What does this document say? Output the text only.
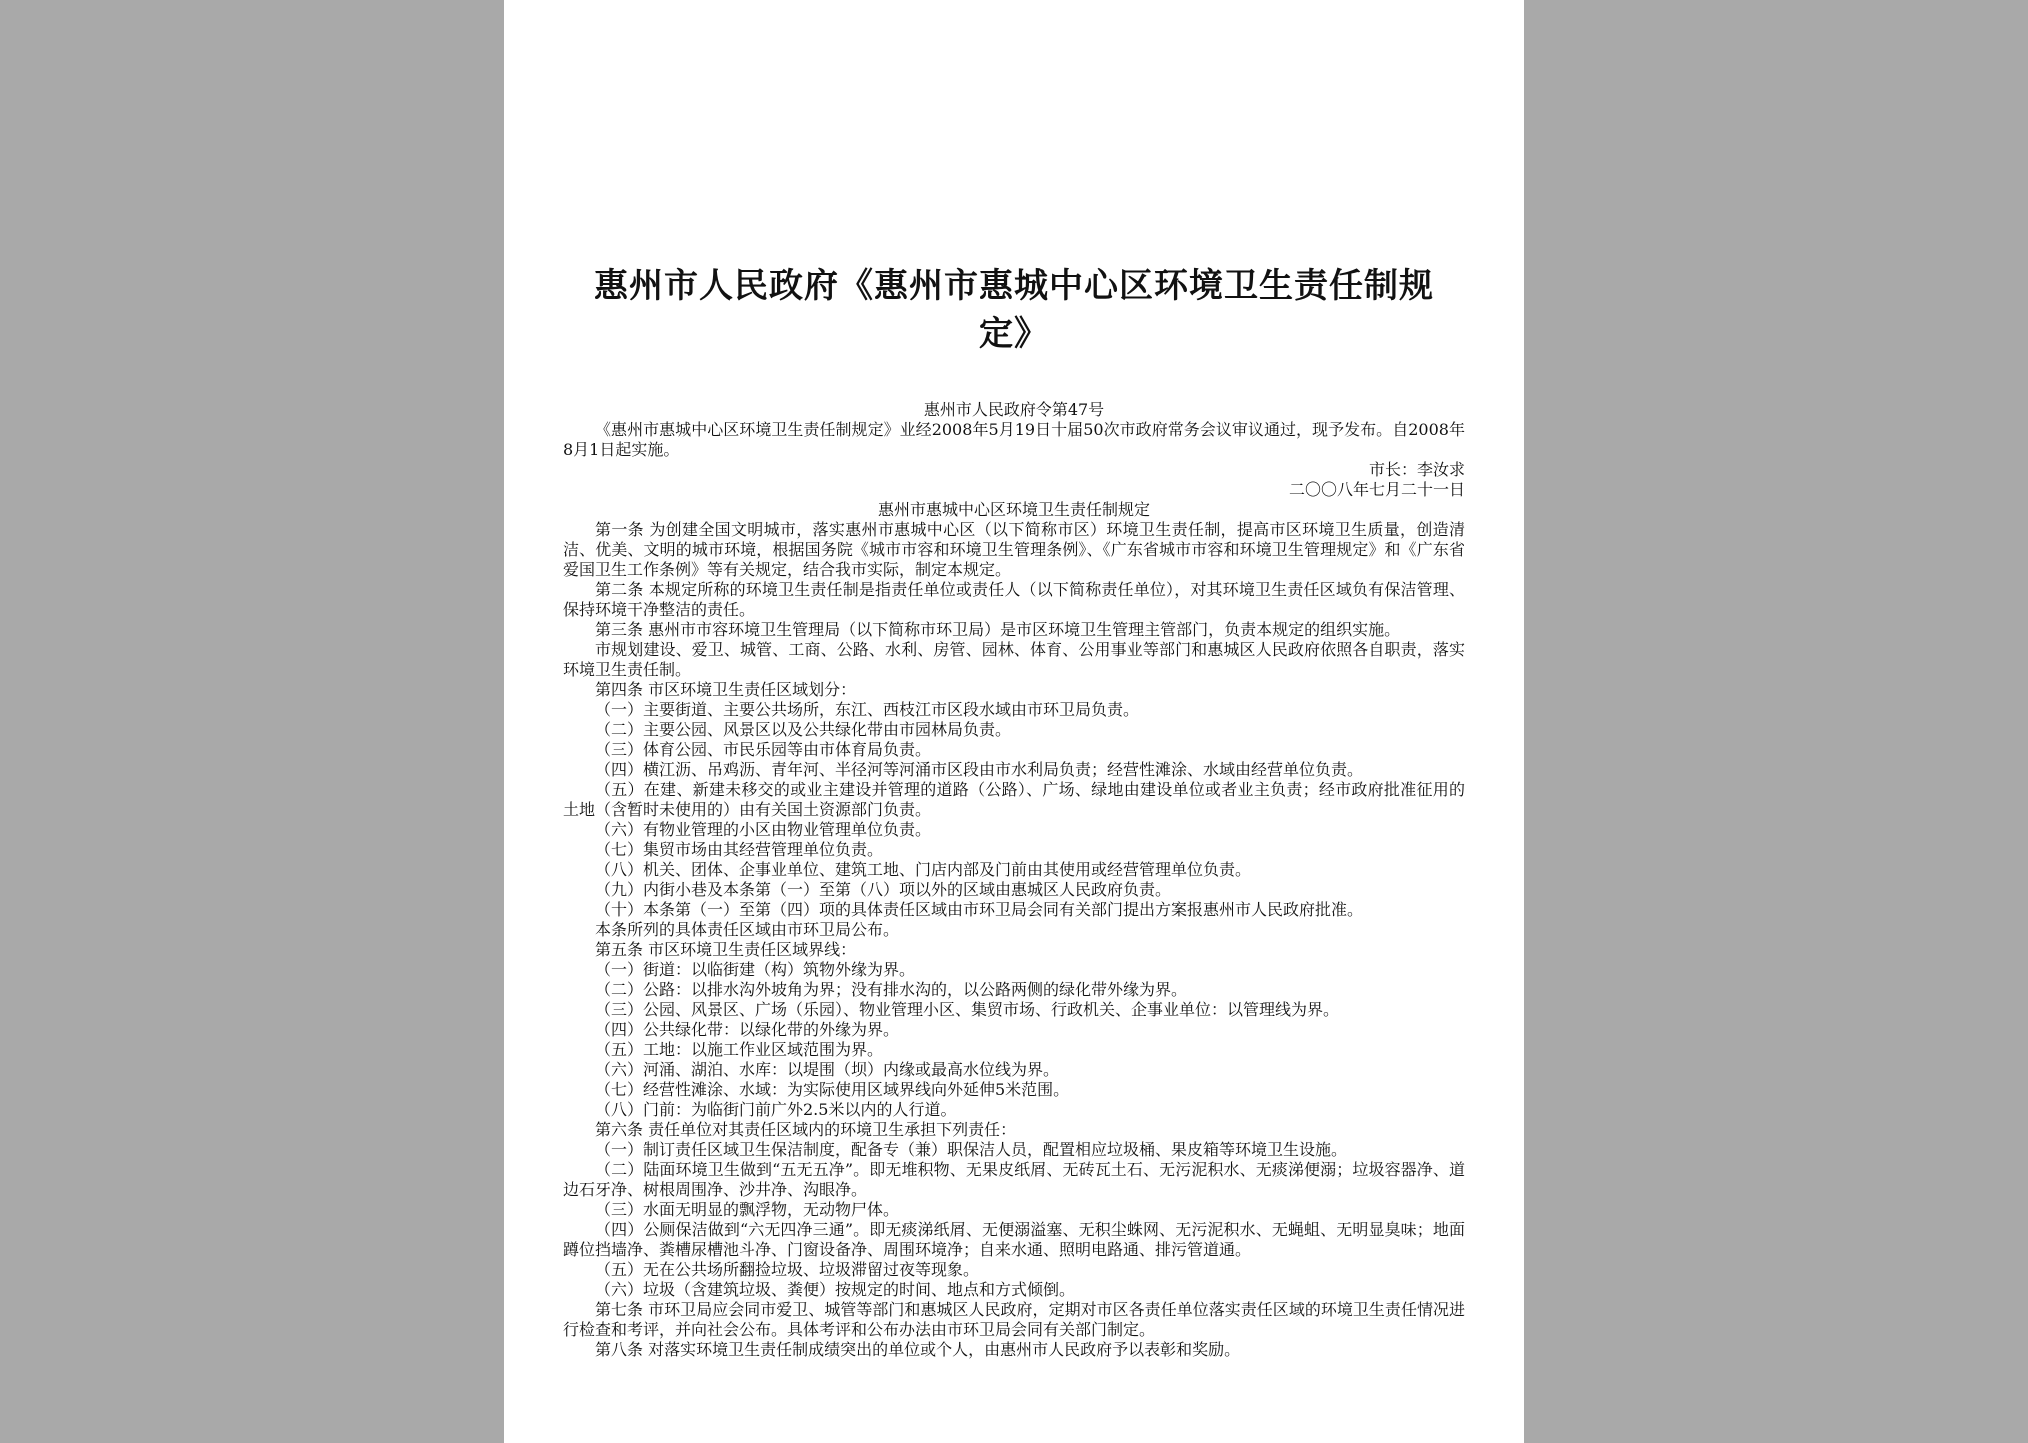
惠州市人民政府《惠州市惠城中心区环境卫生责任制规定》
惠州市人民政府令第47号
《惠州市惠城中心区环境卫生责任制规定》业经2008年5月19日十届50次市政府常务会议审议通过，现予发布。自2008年8月1日起实施。
市长：李汝求
二〇〇八年七月二十一日
惠州市惠城中心区环境卫生责任制规定
第一条 为创建全国文明城市，落实惠州市惠城中心区（以下简称市区）环境卫生责任制，提高市区环境卫生质量，创造清洁、优美、文明的城市环境，根据国务院《城市市容和环境卫生管理条例》、《广东省城市市容和环境卫生管理规定》和《广东省爱国卫生工作条例》等有关规定，结合我市实际，制定本规定。
第二条 本规定所称的环境卫生责任制是指责任单位或责任人（以下简称责任单位），对其环境卫生责任区域负有保洁管理、保持环境干净整洁的责任。
第三条 惠州市市容环境卫生管理局（以下简称市环卫局）是市区环境卫生管理主管部门，负责本规定的组织实施。
市规划建设、爱卫、城管、工商、公路、水利、房管、园林、体育、公用事业等部门和惠城区人民政府依照各自职责，落实环境卫生责任制。
第四条 市区环境卫生责任区域划分：
（一）主要街道、主要公共场所，东江、西枝江市区段水域由市环卫局负责。
（二）主要公园、风景区以及公共绿化带由市园林局负责。
（三）体育公园、市民乐园等由市体育局负责。
（四）横江沥、吊鸡沥、青年河、半径河等河涌市区段由市水利局负责；经营性滩涂、水域由经营单位负责。
（五）在建、新建未移交的或业主建设并管理的道路（公路）、广场、绿地由建设单位或者业主负责；经市政府批准征用的土地（含暂时未使用的）由有关国土资源部门负责。
（六）有物业管理的小区由物业管理单位负责。
（七）集贸市场由其经营管理单位负责。
（八）机关、团体、企事业单位、建筑工地、门店内部及门前由其使用或经营管理单位负责。
（九）内街小巷及本条第（一）至第（八）项以外的区域由惠城区人民政府负责。
（十）本条第（一）至第（四）项的具体责任区域由市环卫局会同有关部门提出方案报惠州市人民政府批准。
本条所列的具体责任区域由市环卫局公布。
第五条 市区环境卫生责任区域界线：
（一）街道：以临街建（构）筑物外缘为界。
（二）公路：以排水沟外坡角为界；没有排水沟的，以公路两侧的绿化带外缘为界。
（三）公园、风景区、广场（乐园）、物业管理小区、集贸市场、行政机关、企事业单位：以管理线为界。
（四）公共绿化带：以绿化带的外缘为界。
（五）工地：以施工作业区域范围为界。
（六）河涌、湖泊、水库：以堤围（坝）内缘或最高水位线为界。
（七）经营性滩涂、水域：为实际使用区域界线向外延伸5米范围。
（八）门前：为临街门前广外2.5米以内的人行道。
第六条 责任单位对其责任区域内的环境卫生承担下列责任：
（一）制订责任区域卫生保洁制度，配备专（兼）职保洁人员，配置相应垃圾桶、果皮箱等环境卫生设施。
（二）陆面环境卫生做到“五无五净”。即无堆积物、无果皮纸屑、无砖瓦土石、无污泥积水、无痰涕便溺；垃圾容器净、道边石牙净、树根周围净、沙井净、沟眼净。
（三）水面无明显的飘浮物，无动物尸体。
（四）公厕保洁做到“六无四净三通”。即无痰涕纸屑、无便溺溢塞、无积尘蛛网、无污泥积水、无蝇蛆、无明显臭味；地面蹲位挡墙净、粪槽尿槽池斗净、门窗设备净、周围环境净；自来水通、照明电路通、排污管道通。
（五）无在公共场所翻捡垃圾、垃圾滞留过夜等现象。
（六）垃圾（含建筑垃圾、粪便）按规定的时间、地点和方式倾倒。
第七条 市环卫局应会同市爱卫、城管等部门和惠城区人民政府，定期对市区各责任单位落实责任区域的环境卫生责任情况进行检查和考评，并向社会公布。具体考评和公布办法由市环卫局会同有关部门制定。
第八条 对落实环境卫生责任制成绩突出的单位或个人，由惠州市人民政府予以表彰和奖励。
